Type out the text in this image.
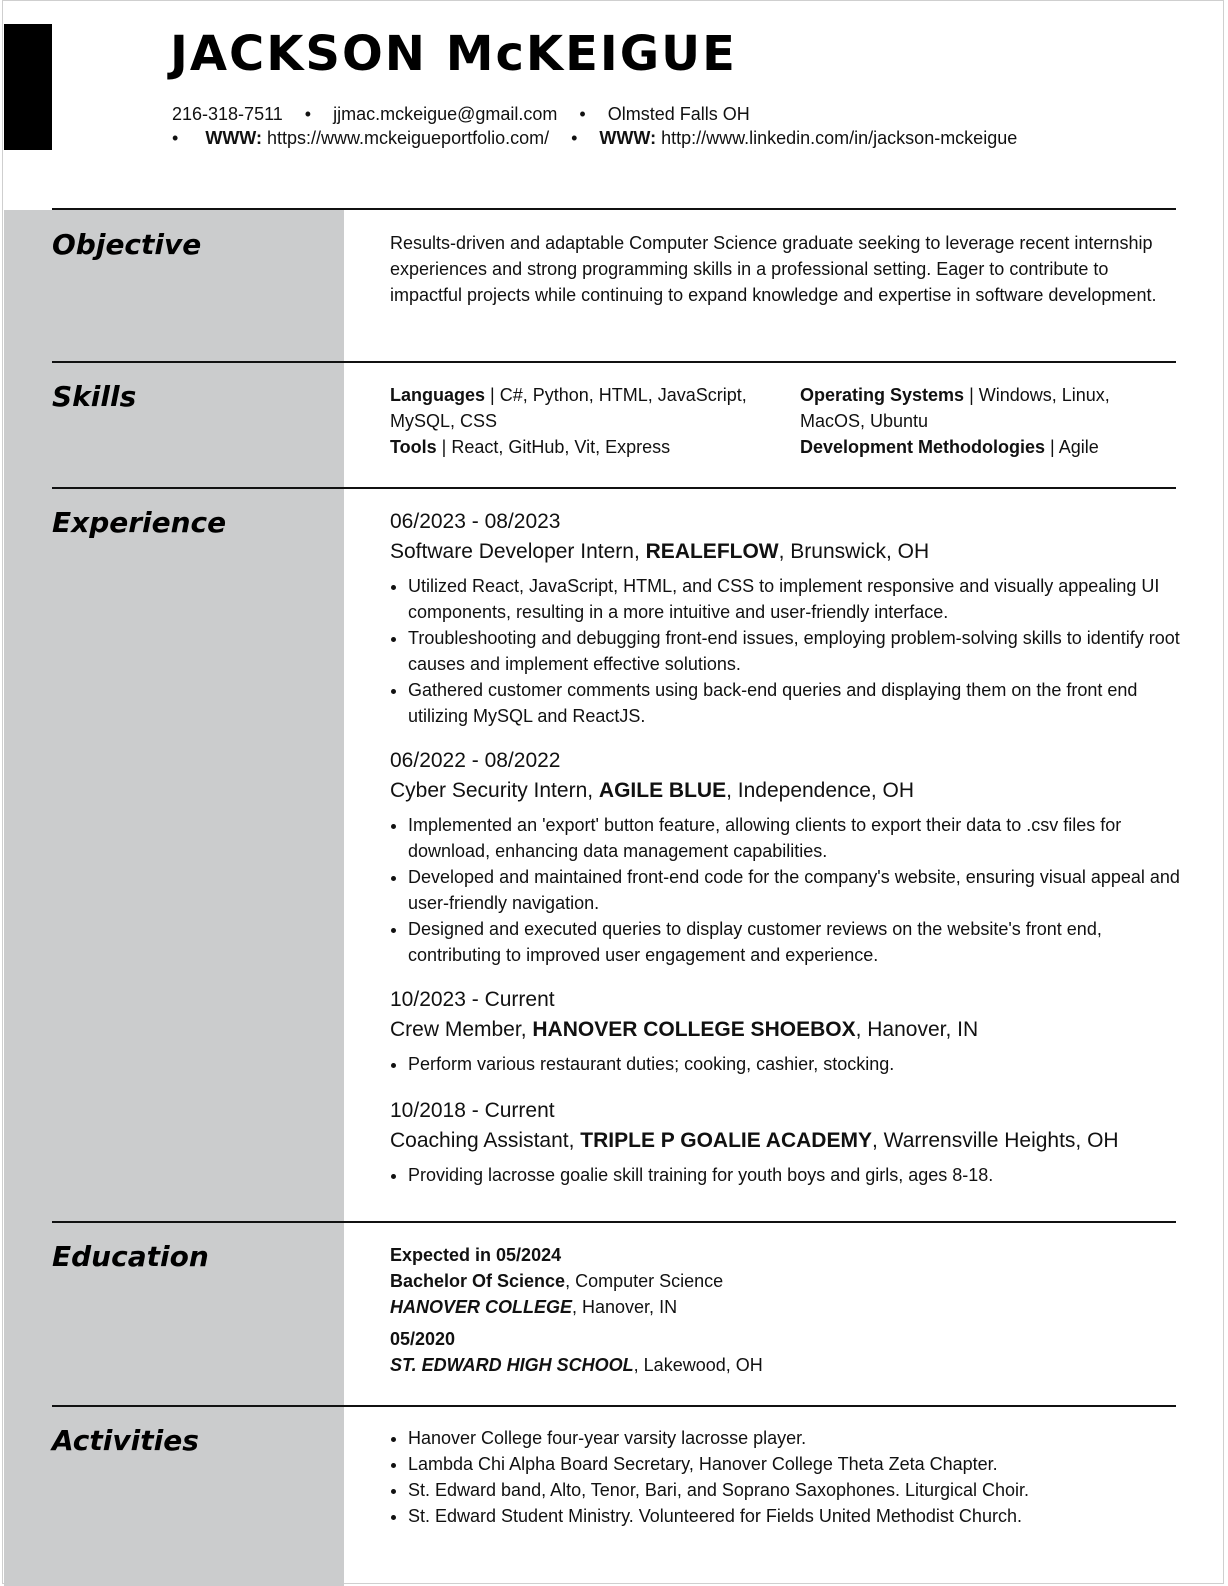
JACKSON McKEIGUE
216-318-7511 • jjmac.mckeigue@gmail.com • Olmsted Falls OH
• WWW: https://www.mckeigueportfolio.com/ • WWW: http://www.linkedin.com/in/jackson-mckeigue
Objective	Results-driven and adaptable Computer Science graduate seeking to leverage recent internship experiences and strong programming skills in a professional setting. Eager to contribute to impactful projects while continuing to expand knowledge and expertise in software development.
Skills	Languages | C#, Python, HTML, JavaScript, MySQL, CSS
Tools | React, GitHub, Vit, Express
Operating Systems | Windows, Linux, MacOS, Ubuntu
Development Methodologies | Agile
Experience	06/2023 - 08/2023
Software Developer Intern, REALEFLOW, Brunswick, OH
• Utilized React, JavaScript, HTML, and CSS to implement responsive and visually appealing UI components, resulting in a more intuitive and user-friendly interface.
• Troubleshooting and debugging front-end issues, employing problem-solving skills to identify root causes and implement effective solutions.
• Gathered customer comments using back-end queries and displaying them on the front end utilizing MySQL and ReactJS.
06/2022 - 08/2022
Cyber Security Intern, AGILE BLUE, Independence, OH
• Implemented an 'export' button feature, allowing clients to export their data to .csv files for download, enhancing data management capabilities.
• Developed and maintained front-end code for the company's website, ensuring visual appeal and user-friendly navigation.
• Designed and executed queries to display customer reviews on the website's front end, contributing to improved user engagement and experience.
10/2023 - Current
Crew Member, HANOVER COLLEGE SHOEBOX, Hanover, IN
• Perform various restaurant duties; cooking, cashier, stocking.
10/2018 - Current
Coaching Assistant, TRIPLE P GOALIE ACADEMY, Warrensville Heights, OH
• Providing lacrosse goalie skill training for youth boys and girls, ages 8-18.
Education	Expected in 05/2024
Bachelor Of Science, Computer Science
HANOVER COLLEGE, Hanover, IN
05/2020
ST. EDWARD HIGH SCHOOL, Lakewood, OH
Activities
•	Hanover College four-year varsity lacrosse player.
• Lambda Chi Alpha Board Secretary, Hanover College Theta Zeta Chapter.
• St. Edward band, Alto, Tenor, Bari, and Soprano Saxophones. Liturgical Choir.
• St. Edward Student Ministry. Volunteered for Fields United Methodist Church.
